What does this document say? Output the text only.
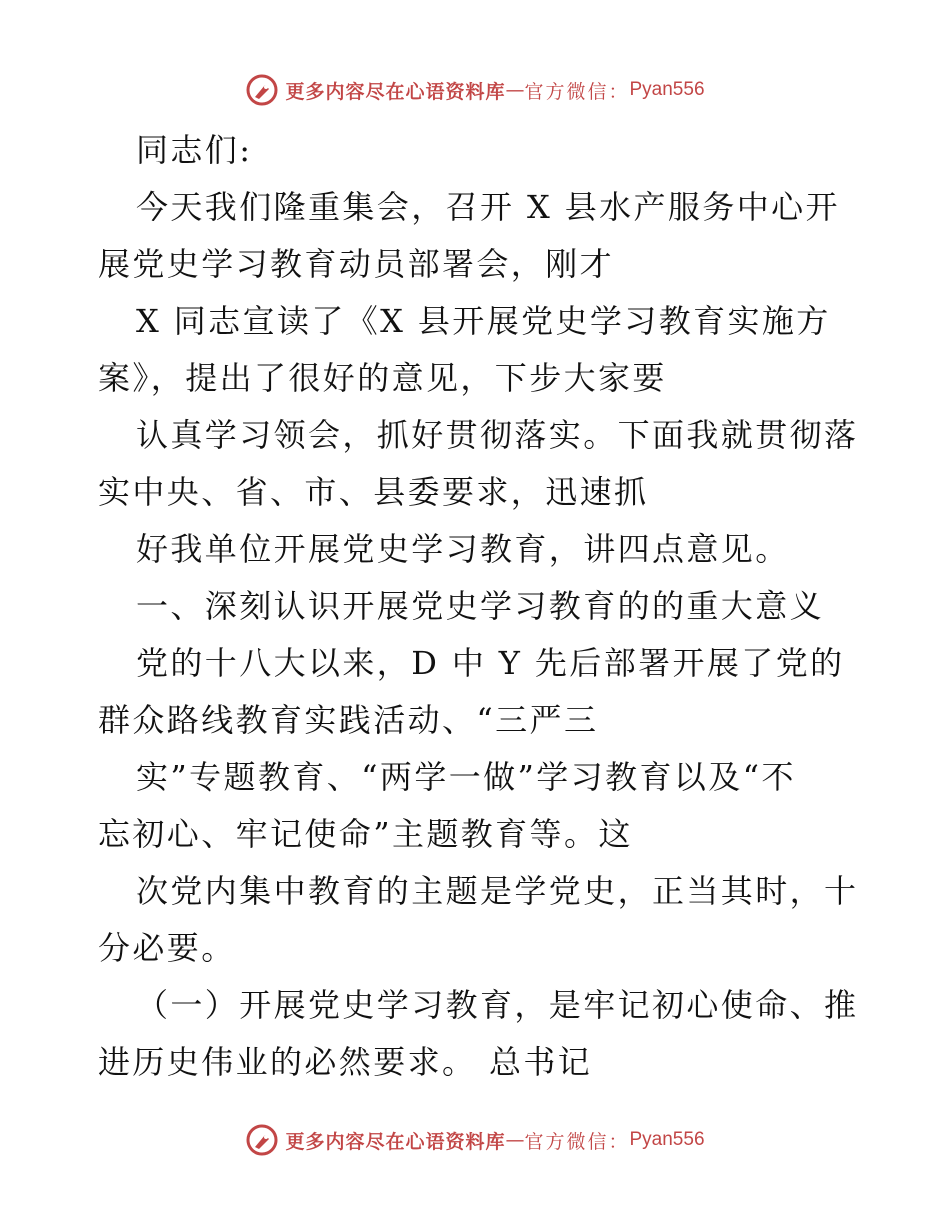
更多内容尽在心语资料库 — 官方微信： Pyan556
同志们:
今天我们隆重集会，召开 X 县水产服务中心开
展党史学习教育动员部署会，刚才
X 同志宣读了《X 县开展党史学习教育实施方
案》，提出了很好的意见，下步大家要
认真学习领会，抓好贯彻落实。下面我就贯彻落
实中央、省、市、县委要求，迅速抓
好我单位开展党史学习教育，讲四点意见。
一、深刻认识开展党史学习教育的的重大意义
党的十八大以来，D 中 Y 先后部署开展了党的
群众路线教育实践活动、“三严三
实”专题教育、“两学一做”学习教育以及“不
忘初心、牢记使命”主题教育等。这
次党内集中教育的主题是学党史，正当其时，十
分必要。
（一）开展党史学习教育，是牢记初心使命、推
进历史伟业的必然要求。 总书记
更多内容尽在心语资料库 — 官方微信： Pyan556
